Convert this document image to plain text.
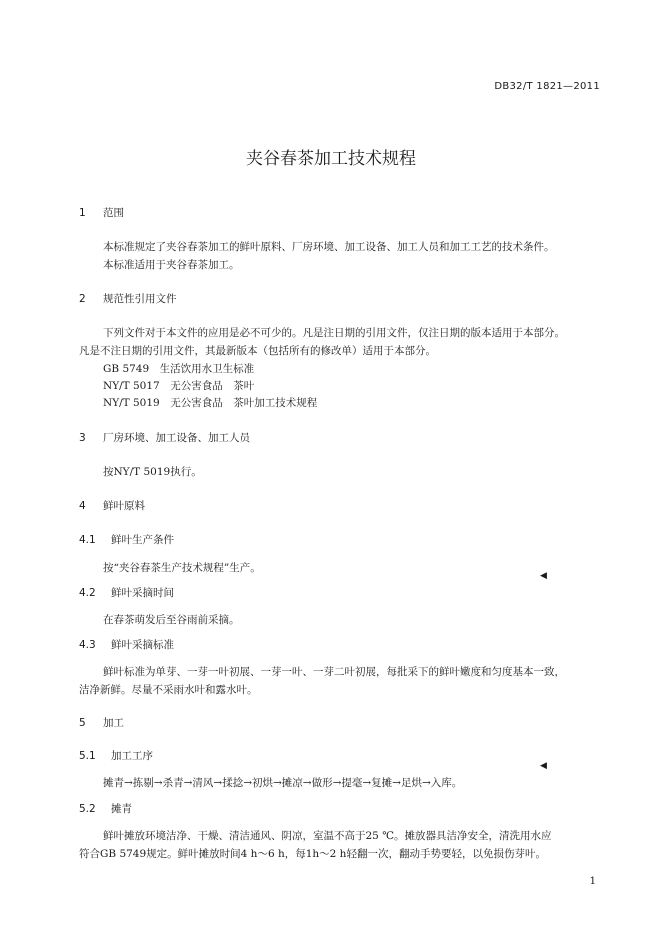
DB32/T 1821—2011
夹谷春茶加工技术规程
1 范围
本标准规定了夹谷春茶加工的鲜叶原料、厂房环境、加工设备、加工人员和加工工艺的技术条件。
本标准适用于夹谷春茶加工。
2 规范性引用文件
下列文件对于本文件的应用是必不可少的。凡是注日期的引用文件，仅注日期的版本适用于本部分。
凡是不注日期的引用文件，其最新版本（包括所有的修改单）适用于本部分。
GB 5749　生活饮用水卫生标准
NY/T 5017　无公害食品　茶叶
NY/T 5019　无公害食品　茶叶加工技术规程
3 厂房环境、加工设备、加工人员
按NY/T 5019执行。
4 鲜叶原料
4.1 鲜叶生产条件
按“夹谷春茶生产技术规程”生产。
◀
4.2 鲜叶采摘时间
在春茶萌发后至谷雨前采摘。
4.3 鲜叶采摘标准
鲜叶标准为单芽、一芽一叶初展、一芽一叶、一芽二叶初展，每批采下的鲜叶嫩度和匀度基本一致，
洁净新鲜。尽量不采雨水叶和露水叶。
5 加工
5.1 加工工序
◀
摊青→拣剔→杀青→清风→揉捻→初烘→摊凉→做形→提毫→复摊→足烘→入库。
5.2 摊青
鲜叶摊放环境洁净、干燥、清洁通风、阴凉，室温不高于25 ℃。摊放器具洁净安全，清洗用水应
符合GB 5749规定。鲜叶摊放时间4 h～6 h，每1h～2 h轻翻一次，翻动手势要轻，以免损伤芽叶。
1
